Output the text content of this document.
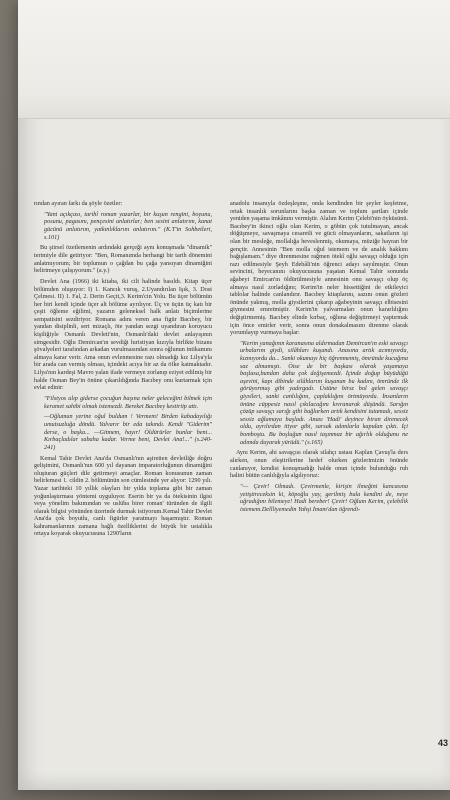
rından ayıran farkı da şöyle özetler:

"Yani açıkçası, tarihî roman yazarlar, bir kuşun rengini, boyunu, posunu, pagasını, pençesini anlatırlar; ben sesini anlatırım, kanat gücünü anlatırım, yatkınlıklarını anlatırım." (K.T'in Sohbetleri, s.101)

Bu şiirsel özetlemenin ardındaki gerçeği aynı konuşmada "dinamik" terimiyle dile getiriyor: "Ben, Romanımda herhangi bir tarih dönemini anlatmıyorum; bir toplumun o çağdan bu çağa yansıyan dinamiğini belirtmeye çalışıyorum." (a.y.)

Devlet Ana (1966) iki kitaba, iki cilt halinde basıldı. Kitap üçer bölümden oluşuyor: I) 1. Kancık vuruş, 2.Uyandırılan Işık, 3. Dost Çelmesi. II) 1. Fal, 2. Derin Geçit,3. Kerim'cin Yolu. Bu üçer bölümün her biri kendi içinde üçer alt bölüme ayrılıyor. Üç ve üçün üç katı bir çeşit öğleme eğilimi, yazarın geleneksel halk anlatı biçimlerine sempatisini sezdiriyor. Romana adını veren ana figür Bacıbey, bir yandan disiplinli, sert mizaçlı, öte yandan sezgi uyandıran koruyucu kişiliğiyle Osmanlı Devleti'nin, Osmanlı'daki devlet anlayışının simgesidir. Oğlu Demircan'ın sevdiği hıristiyan kızıyla birlikte bizans şövalyeleri tarafından arkadan vurulmasından sonra oğlunun intikamını almaya karar verir. Ama onun evlenmesine razı olmadığı kız Lilya'yla bir arada can vermiş olması, içindeki acıya bir az da öfke katmaktadır. Lilya'nın kardeşi Mavro yalan ifade vermeye zorlanıp eziyet edilmiş bir halde Osman Bey'in önüne çıkarıldığında Bacıbey onu kurtarmak için evlat edinir:

"Filstyos alıp giderse çocuğun başına neler geleceğini bilmek için keramet sahibi olmak istemezdi. Bereket Bacıbey kestiriip attı.

—Oğlumun yerine oğul buldum ! Vermem! Birden kabadayılığı umutsuzluğa döndü. Yalvarır bir eda takındı. Kendi "Giderim" derse, o başka... —Gitmem, hayır! Öldürürler bunlar beni... Kırbaçladılar sabaha kadar. Verme beni, Devlet Ana!..." (s.240-241)

Kemal Tahir Devlet Ana'da Osmanlı'nın aşiretten devletliğe doğru gelişimini, Osmanlı'nın 600 yıl dayanan imparatorluğunun dinamiğini oluşturan güçleri dile getirmeyi amaçlar. Roman konusunun zaman belirlemesi 1. cildin 2. bölümünün son cümlesinde yer alıyor: 1290 yılı. Yazar tarihteki 10 yıllık olayları bir yılda toplama gibi bir zaman yoğunlaştırması yöntemi uyguluyor. Eserin bir ya da ötekisinin ilgisi veya yönelim bakımından ve uslüba birer roman' türünden de ilgili olarak bilgisi yönünden üzerinde durmak istiyorum.Kemal Tahir Devlet Ana'da çok boyutlu, canlı figürler yaratmayı başarmıştır. Roman kahramanlarının zamana bağlı özelliklerini de büyük bir ustalıkla ortaya koyarak okuyucusuna 1290'ların

anadolu insanıyla özdeşleşme, onda kendinden bir şeyler keşfetme, ortak insanlık sorunlarını başka zaman ve toplum şartları içinde yeniden yaşama imkânını vermiştir. Alalım Kerim Çelebi'nin öyküsünü. Bacıbey'in ikinci oğlu olan Kerim, o göbün çok tutulmayan, ancak döğüşmeye, savaşmaya cesaretli ve gücü olmayanların, sakatların işi olan bir mesleğe, mollalığa heveslenmiş, okumaya, müziğe hayran bir gençtir. Annesinin "Ben molla oğul istemem ve de analık hakkını bağışlamam." diye direnmesine rağmen ötekî oğlu savaşçı olduğu için razı edilmesiyle Şeyh Edebâli'nin öğrenci adayı sayılmıştır. Onun sevincini, heyecanını okuyucusuna yaşatan Kemal Tahir sonunda ağabeyi Emircan'ın öldürülmesiyle annesinin onu savaşçı olup öç almaya nasıl zorladığını; Kerim'in neler hissettiğini de etkileyici tablolar halinde canlandırır. Bacıbey kitaplarını, sazını onun gözleri önünde yakmış, molla giysilerini çıkarıp ağabeyinin savaşçı elbisesini giymesini emretmiştir. Kerim'in yalvarmaları onun kararlılığını değiştirmemiş. Bacıbey elinde kırbaç, oğluna değiştirmeyi yaptırmak için önce emirler verir, sonra onun donakalmasını direnme olarak yorumlayıp vurmaya başlar:

"Kerim yanağının karanasına aldırmadan Demircan'ın eski savaşçı urbalarını giydi, silâhları kuşandı. Anasına artık acımıyordu, kızmıyordu da... Sanki okumayı hiç öğrenmemiş, ömründe kucağına saz almamıştı. Öise de bir başkası olarak yaşamaya başlasa,bundan daha çok değişemezdi. İçinde doğup büyüdüğü aşevini, kapı dibinde silâhlarını kuşanan bu kadını, ömründe ilk görüyormuş gibi yadırgadı. Üstüne birsz bol gelen savaşçı giysileri, sanki canlılığını, çaplaklığını örtmüyordu. İnsanların önüne cüppesiz nasıl çıkılacağını kıvranarak düşündü. Sarığın çözüp savaşçı sarığı gibi bağlarken artık kendisini tutamadı, sessiz sessiz ağlamaya başladı. Anası 'Hadi' deyince biran direnecek oldu, ayrılırdan itiyor gibi, sarsak adımlarla kapıdan çıktı. İçi bomboştu. Bu boşluğun nasıl taşınmaz bir ağırlık olduğunu ne adımda duyarak yürüdü." (s.165)

Aynı Kerim, ahi savaşçısı olarak silahçı ustası Kaplan Çavuş'la ders alırken, onun eleştirilerine hedef olurken gözlerimizin önünde canlanıyor, kendisi konuşmadığı halde onun içinde bulunduğu ruh halini bütün canlılığıyla algılıyoruz:

"— Çevir! Olmadı. Çevirmenle, kirişin ilmeğini kancasına yetiştireceksin ki, köpoğlu yay, gerilmiş bula kendini de, neye uğradığını bilemeye! Hadi bereber! Çevir! Oğlum Kerim, çelebilik istemem.Dellliyemedin Yahşi İmam'dan öğrendi-

43
